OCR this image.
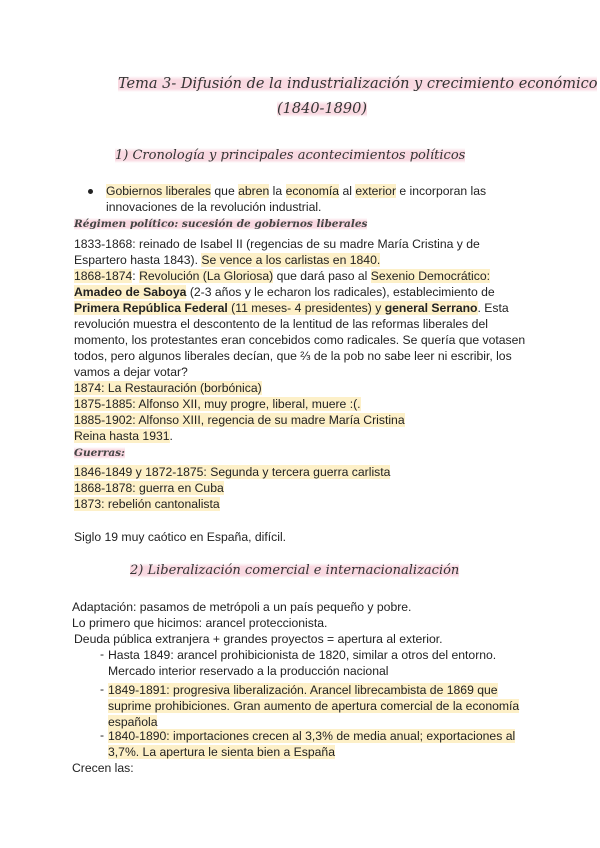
Tema 3- Difusión de la industrialización y crecimiento económico
(1840-1890)
1) Cronología y principales acontecimientos políticos
Gobiernos liberales que abren la economía al exterior e incorporan las
innovaciones de la revolución industrial.
Régimen político: sucesión de gobiernos liberales
1833-1868: reinado de Isabel II (regencias de su madre María Cristina y de
Espartero hasta 1843). Se vence a los carlistas en 1840.
1868-1874: Revolución (La Gloriosa) que dará paso al Sexenio Democrático:
Amadeo de Saboya (2-3 años y le echaron los radicales), establecimiento de
Primera República Federal (11 meses- 4 presidentes) y general Serrano. Esta
revolución muestra el descontento de la lentitud de las reformas liberales del
momento, los protestantes eran concebidos como radicales. Se quería que votasen
todos, pero algunos liberales decían, que ⅔ de la pob no sabe leer ni escribir, los
vamos a dejar votar?
1874: La Restauración (borbónica)
1875-1885: Alfonso XII, muy progre, liberal, muere :(.
1885-1902: Alfonso XIII, regencia de su madre María Cristina
Reina hasta 1931.
Guerras:
1846-1849 y 1872-1875: Segunda y tercera guerra carlista
1868-1878: guerra en Cuba
1873: rebelión cantonalista
Siglo 19 muy caótico en España, difícil.
2) Liberalización comercial e internacionalización
Adaptación: pasamos de metrópoli a un país pequeño y pobre.
Lo primero que hicimos: arancel proteccionista.
Deuda pública extranjera + grandes proyectos = apertura al exterior.
- Hasta 1849: arancel prohibicionista de 1820, similar a otros del entorno.
Mercado interior reservado a la producción nacional
- 1849-1891: progresiva liberalización. Arancel librecambista de 1869 que
suprime prohibiciones. Gran aumento de apertura comercial de la economía
española
- 1840-1890: importaciones crecen al 3,3% de media anual; exportaciones al
3,7%. La apertura le sienta bien a España
Crecen las:
